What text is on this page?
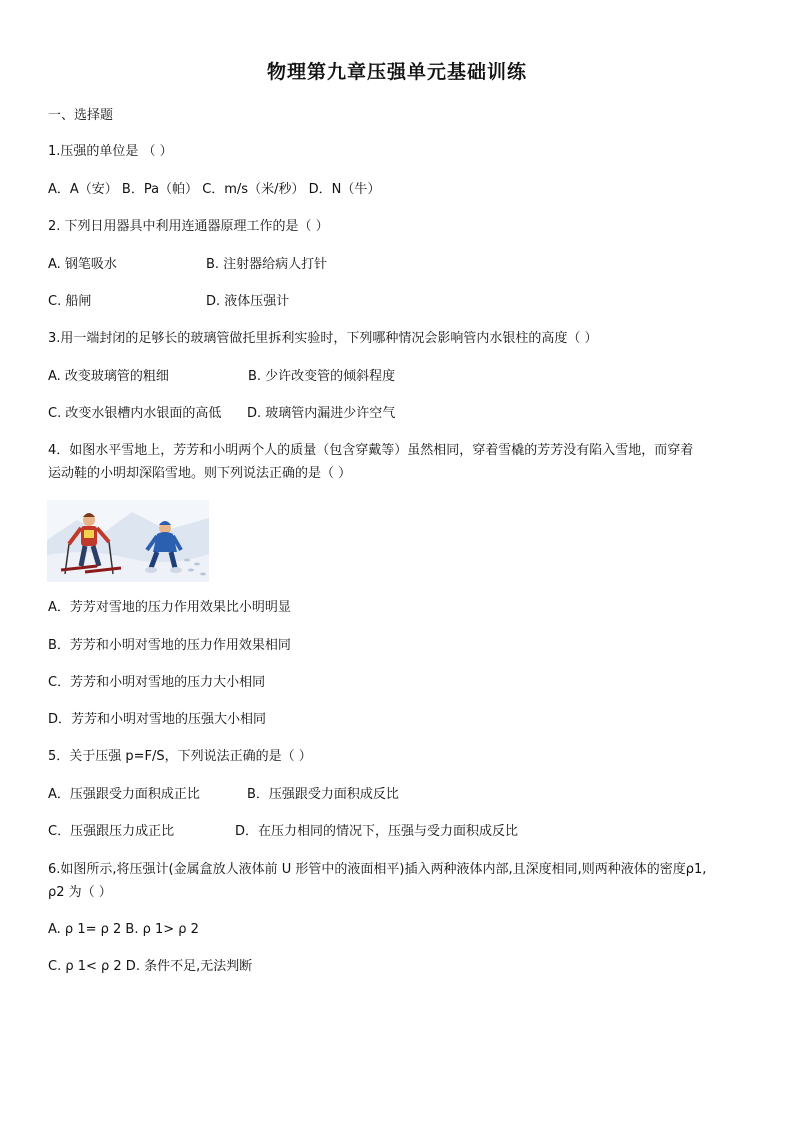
物理第九章压强单元基础训练
一、选择题
1.压强的单位是 （ ）
A．A（安） B．Pa（帕） C．m/s（米/秒） D．N（牛）
2. 下列日用器具中利用连通器原理工作的是（ ）
A. 钢笔吸水	B. 注射器给病人打针
C. 船闸	D. 液体压强计
3.用一端封闭的足够长的玻璃管做托里拆利实验时，下列哪种情况会影响管内水银柱的高度（ ）
A. 改变玻璃管的粗细	B. 少许改变管的倾斜程度
C. 改变水银槽内水银面的高低 D. 玻璃管内漏进少许空气
4．如图水平雪地上，芳芳和小明两个人的质量（包含穿戴等）虽然相同，穿着雪橇的芳芳没有陷入雪地，而穿着
运动鞋的小明却深陷雪地。则下列说法正确的是（ ）
A．芳芳对雪地的压力作用效果比小明明显
B．芳芳和小明对雪地的压力作用效果相同
C．芳芳和小明对雪地的压力大小相同
D．芳芳和小明对雪地的压强大小相同
5．关于压强 p=F/S，下列说法正确的是（ ）
A．压强跟受力面积成正比	B．压强跟受力面积成反比
C．压强跟压力成正比	D．在压力相同的情况下，压强与受力面积成反比
6.如图所示,将压强计(金属盒放人液体前 U 形管中的液面相平)插入两种液体内部,且深度相同,则两种液体的密度ρ1,
ρ2 为（ ）
A. ρ 1= ρ 2 B. ρ 1> ρ 2
C. ρ 1< ρ 2 D. 条件不足,无法判断
